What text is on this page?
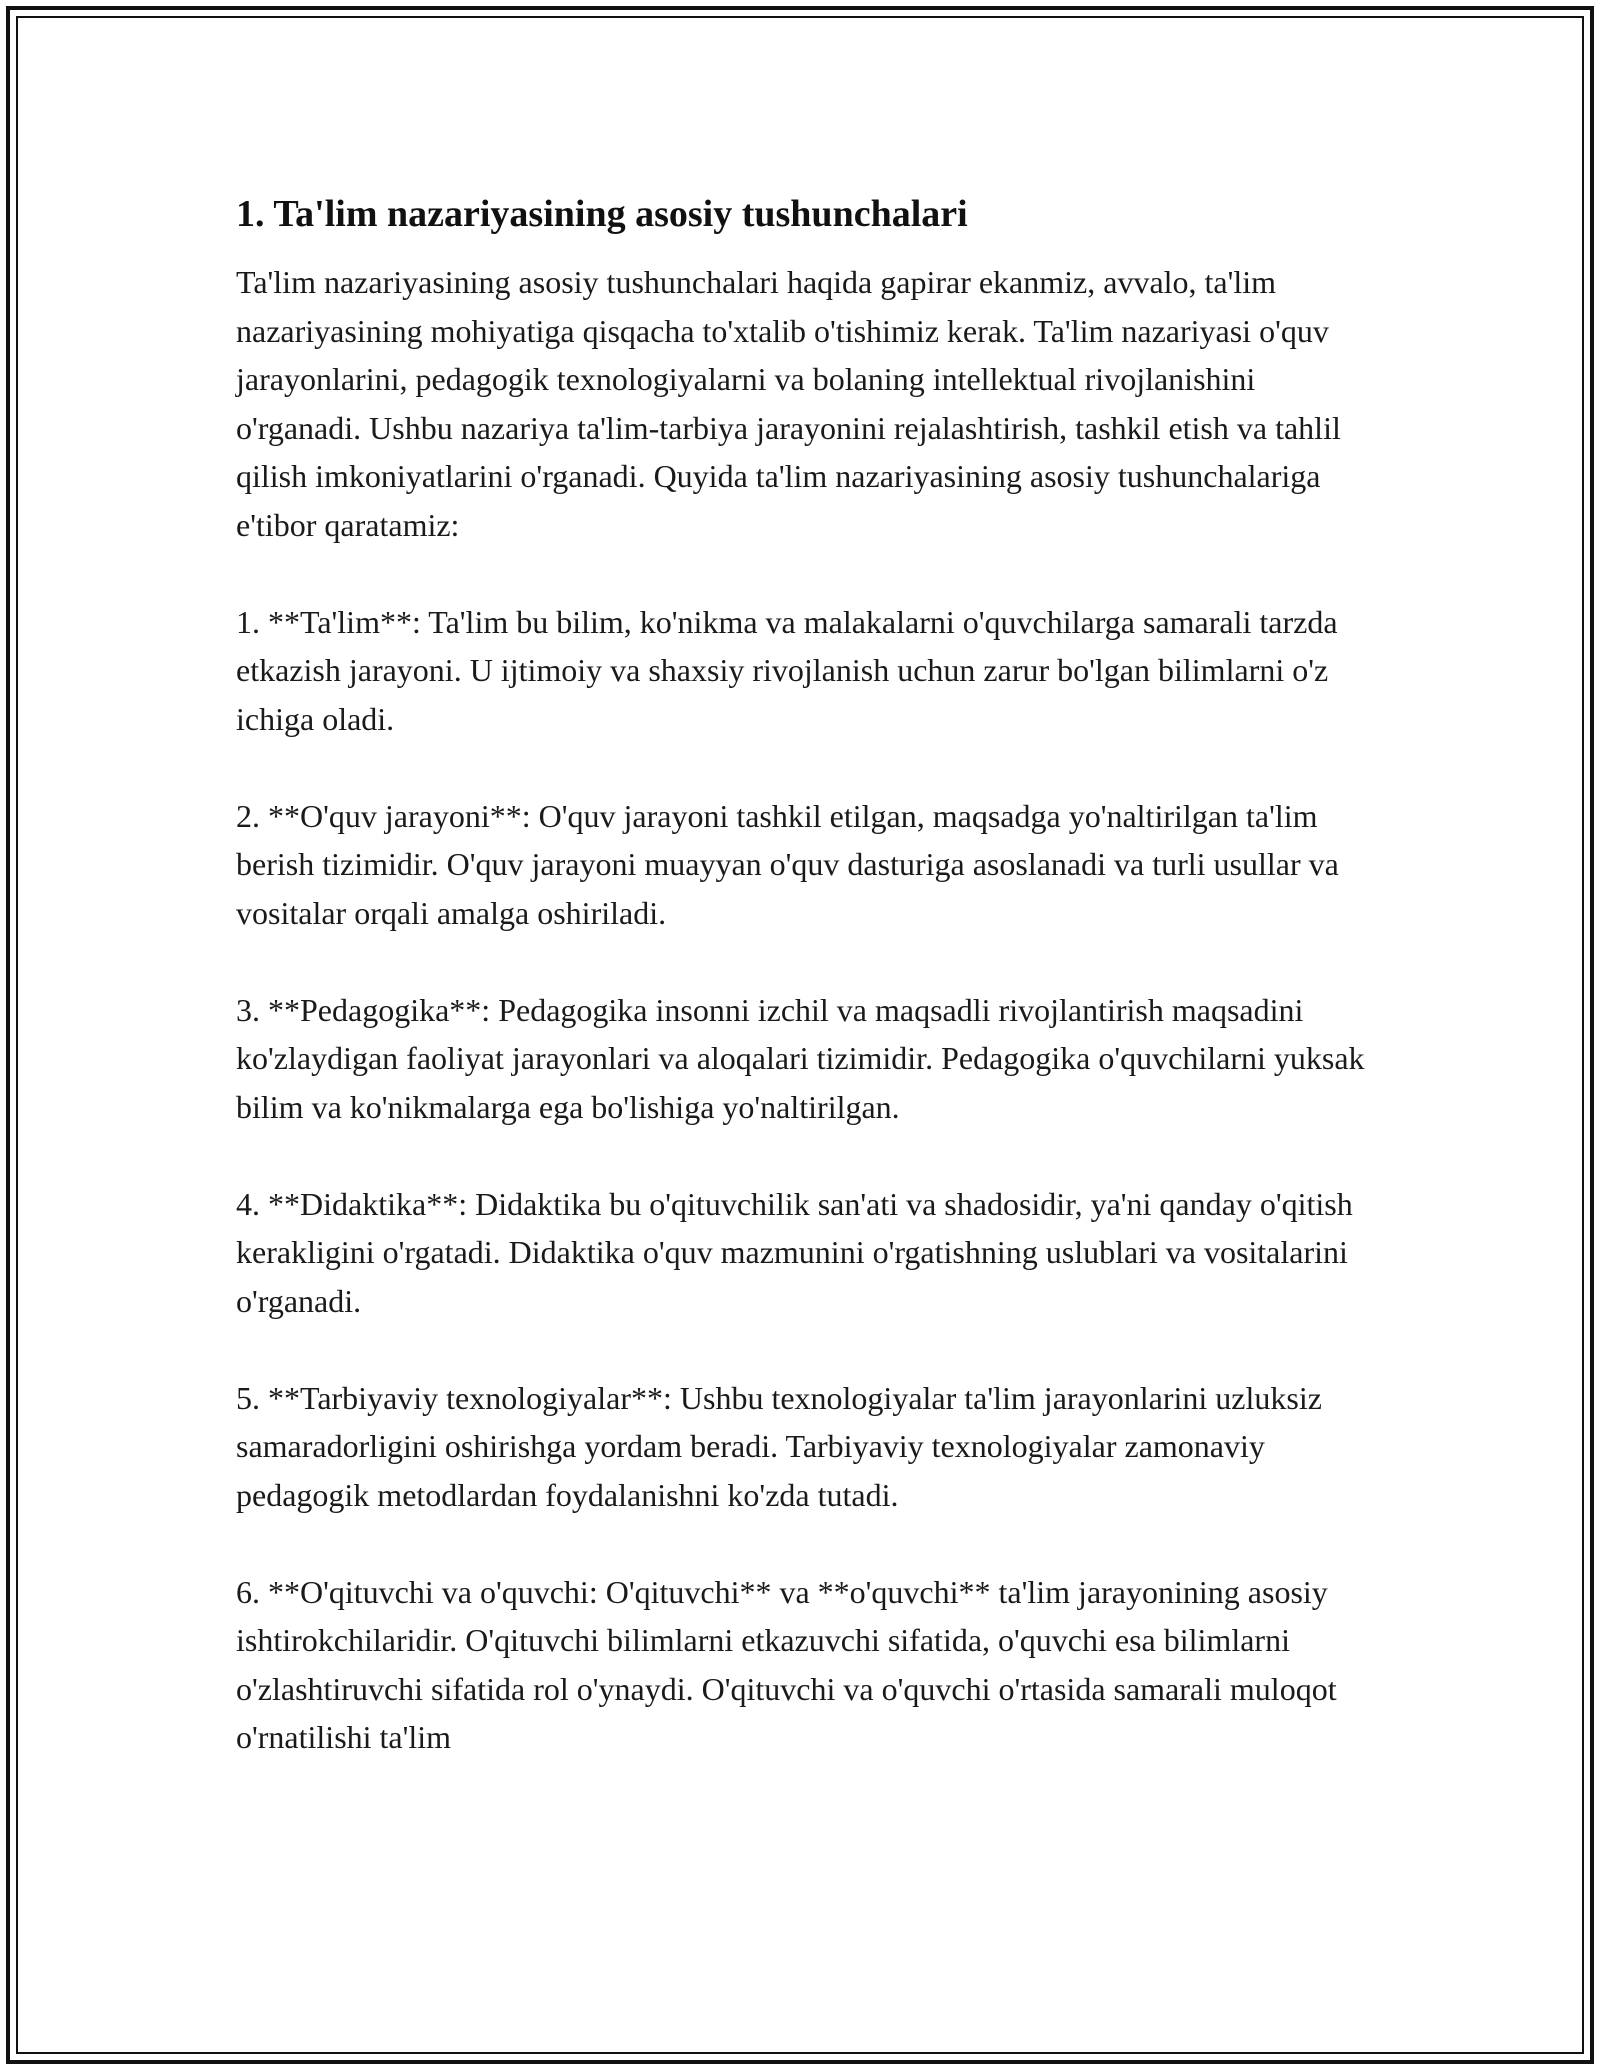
1. Ta'lim nazariyasining asosiy tushunchalari

Ta'lim nazariyasining asosiy tushunchalari haqida gapirar ekanmiz, avvalo, ta'lim nazariyasining mohiyatiga qisqacha to'xtalib o'tishimiz kerak. Ta'lim nazariyasi o'quv jarayonlarini, pedagogik texnologiyalarni va bolaning intellektual rivojlanishini o'rganadi. Ushbu nazariya ta'lim-tarbiya jarayonini rejalashtirish, tashkil etish va tahlil qilish imkoniyatlarini o'rganadi. Quyida ta'lim nazariyasining asosiy tushunchalariga e'tibor qaratamiz:

1. **Ta'lim**: Ta'lim bu bilim, ko'nikma va malakalarni o'quvchilarga samarali tarzda etkazish jarayoni. U ijtimoiy va shaxsiy rivojlanish uchun zarur bo'lgan bilimlarni o'z ichiga oladi.

2. **O'quv jarayoni**: O'quv jarayoni tashkil etilgan, maqsadga yo'naltirilgan ta'lim berish tizimidir. O'quv jarayoni muayyan o'quv dasturiga asoslanadi va turli usullar va vositalar orqali amalga oshiriladi.

3. **Pedagogika**: Pedagogika insonni izchil va maqsadli rivojlantirish maqsadini ko'zlaydigan faoliyat jarayonlari va aloqalari tizimidir. Pedagogika o'quvchilarni yuksak bilim va ko'nikmalarga ega bo'lishiga yo'naltirilgan.

4. **Didaktika**: Didaktika bu o'qituvchilik san'ati va shadosidir, ya'ni qanday o'qitish kerakligini o'rgatadi. Didaktika o'quv mazmunini o'rgatishning uslublari va vositalarini o'rganadi.

5. **Tarbiyaviy texnologiyalar**: Ushbu texnologiyalar ta'lim jarayonlarini uzluksiz samaradorligini oshirishga yordam beradi. Tarbiyaviy texnologiyalar zamonaviy pedagogik metodlardan foydalanishni ko'zda tutadi.

6. **O'qituvchi va o'quvchi: O'qituvchi** va **o'quvchi** ta'lim jarayonining asosiy ishtirokchilaridir. O'qituvchi bilimlarni etkazuvchi sifatida, o'quvchi esa bilimlarni o'zlashtiruvchi sifatida rol o'ynaydi. O'qituvchi va o'quvchi o'rtasida samarali muloqot o'rnatilishi ta'lim
